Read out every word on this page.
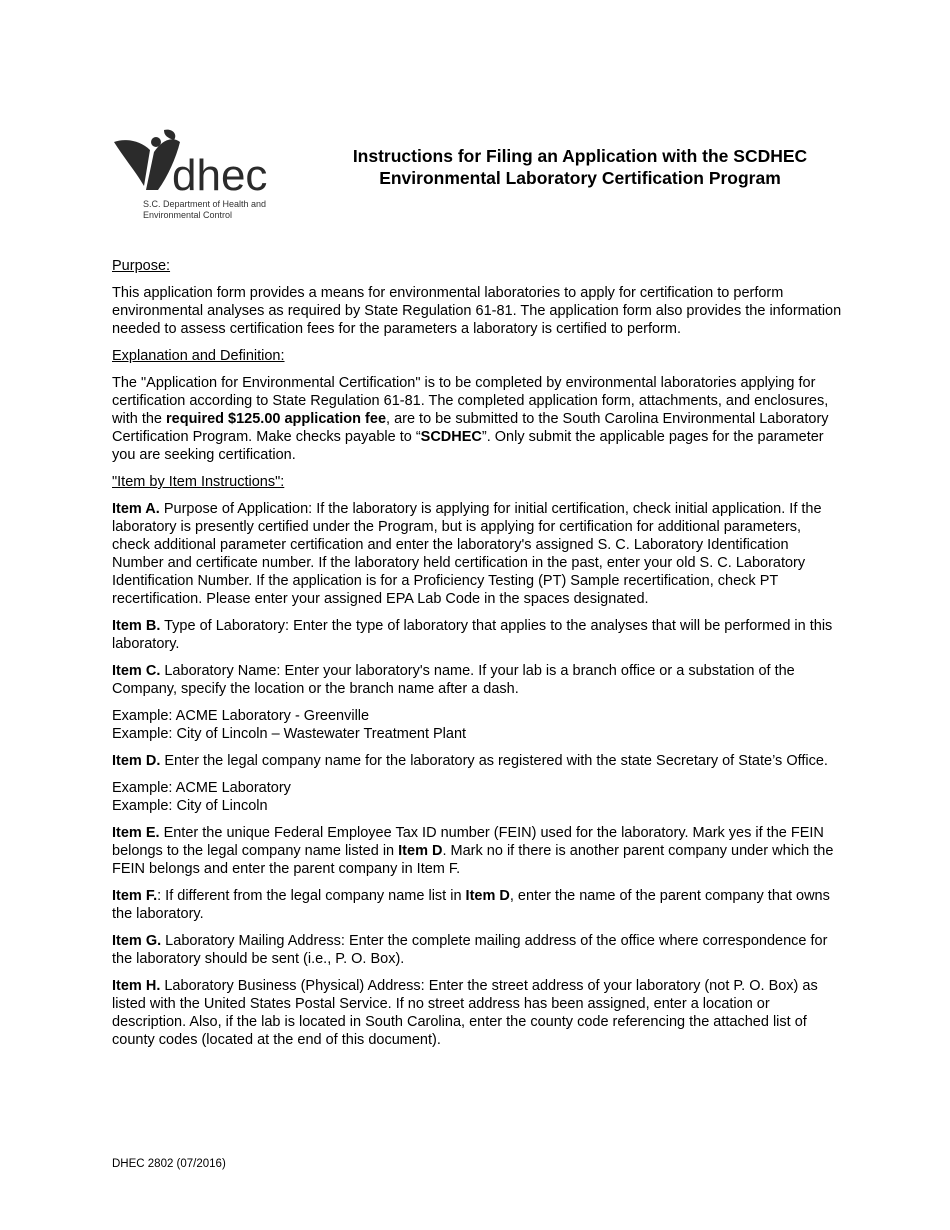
dhec
S.C. Department of Health and
Environmental Control
Instructions for Filing an Application with the SCDHEC
Environmental Laboratory Certification Program

Purpose:

This application form provides a means for environmental laboratories to apply for certification to perform environmental analyses as required by State Regulation 61-81. The application form also provides the information needed to assess certification fees for the parameters a laboratory is certified to perform.

Explanation and Definition:

The "Application for Environmental Certification" is to be completed by environmental laboratories applying for certification according to State Regulation 61-81. The completed application form, attachments, and enclosures, with the required $125.00 application fee, are to be submitted to the South Carolina Environmental Laboratory Certification Program. Make checks payable to “SCDHEC”. Only submit the applicable pages for the parameter you are seeking certification.

"Item by Item Instructions":

Item A. Purpose of Application: If the laboratory is applying for initial certification, check initial application. If the laboratory is presently certified under the Program, but is applying for certification for additional parameters, check additional parameter certification and enter the laboratory's assigned S. C. Laboratory Identification Number and certificate number. If the laboratory held certification in the past, enter your old S. C. Laboratory Identification Number. If the application is for a Proficiency Testing (PT) Sample recertification, check PT recertification. Please enter your assigned EPA Lab Code in the spaces designated.

Item B. Type of Laboratory: Enter the type of laboratory that applies to the analyses that will be performed in this laboratory.

Item C. Laboratory Name: Enter your laboratory's name. If your lab is a branch office or a substation of the Company, specify the location or the branch name after a dash.

Example: ACME Laboratory - Greenville
Example: City of Lincoln – Wastewater Treatment Plant

Item D. Enter the legal company name for the laboratory as registered with the state Secretary of State’s Office.

Example: ACME Laboratory
Example: City of Lincoln

Item E. Enter the unique Federal Employee Tax ID number (FEIN) used for the laboratory. Mark yes if the FEIN belongs to the legal company name listed in Item D. Mark no if there is another parent company under which the FEIN belongs and enter the parent company in Item F.

Item F.: If different from the legal company name list in Item D, enter the name of the parent company that owns the laboratory.

Item G. Laboratory Mailing Address: Enter the complete mailing address of the office where correspondence for the laboratory should be sent (i.e., P. O. Box).

Item H. Laboratory Business (Physical) Address: Enter the street address of your laboratory (not P. O. Box) as listed with the United States Postal Service. If no street address has been assigned, enter a location or description. Also, if the lab is located in South Carolina, enter the county code referencing the attached list of county codes (located at the end of this document).

DHEC 2802 (07/2016)
